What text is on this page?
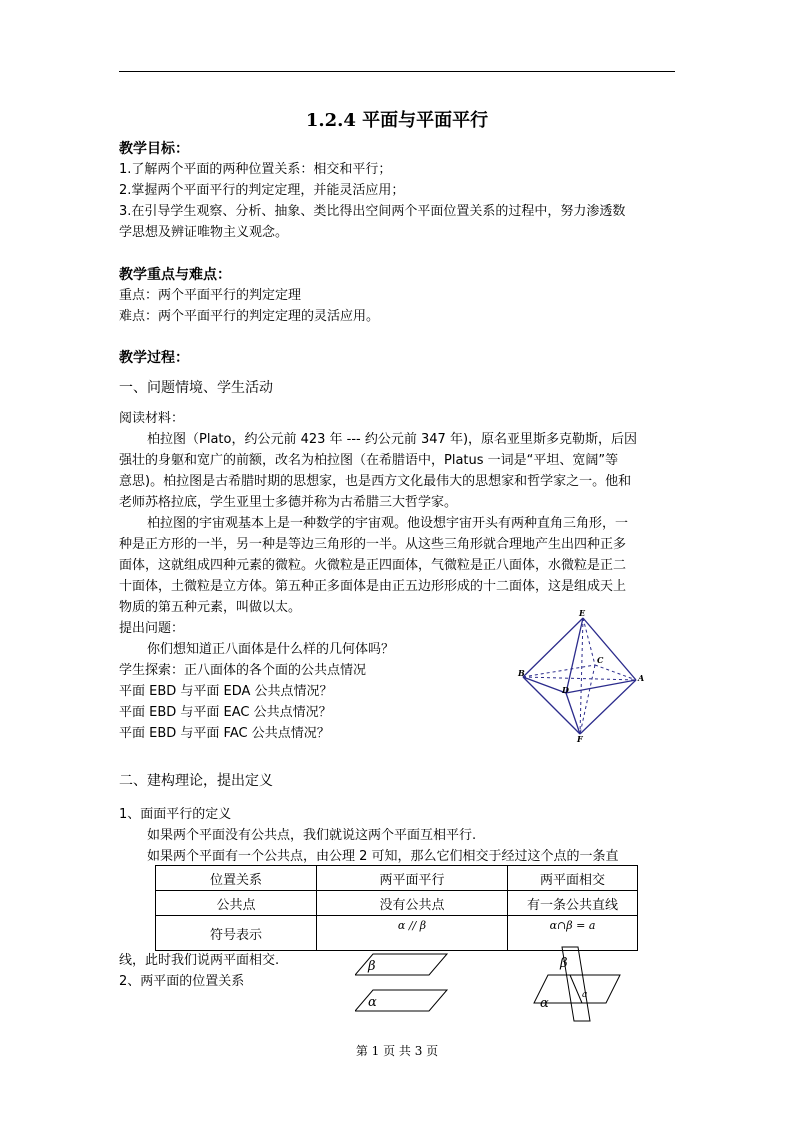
1.2.4 平面与平面平行
教学目标：
1.了解两个平面的两种位置关系：相交和平行；
2.掌握两个平面平行的判定定理，并能灵活应用；
3.在引导学生观察、分析、抽象、类比得出空间两个平面位置关系的过程中，努力渗透数
学思想及辨证唯物主义观念。
教学重点与难点：
重点：两个平面平行的判定定理
难点：两个平面平行的判定定理的灵活应用。
教学过程：
一、问题情境、学生活动
阅读材料：
柏拉图（Plato，约公元前 423 年 --- 约公元前 347 年)，原名亚里斯多克勒斯，后因
强壮的身躯和宽广的前额，改名为柏拉图（在希腊语中，Platus 一词是“平坦、宽阔”等
意思)。柏拉图是古希腊时期的思想家，也是西方文化最伟大的思想家和哲学家之一。他和
老师苏格拉底，学生亚里士多德并称为古希腊三大哲学家。
柏拉图的宇宙观基本上是一种数学的宇宙观。他设想宇宙开头有两种直角三角形，一
种是正方形的一半，另一种是等边三角形的一半。从这些三角形就合理地产生出四种正多
面体，这就组成四种元素的微粒。火微粒是正四面体，气微粒是正八面体，水微粒是正二
十面体，土微粒是立方体。第五种正多面体是由正五边形形成的十二面体，这是组成天上
物质的第五种元素，叫做以太。
提出问题：
你们想知道正八面体是什么样的几何体吗？
学生探索：正八面体的各个面的公共点情况
平面 EBD 与平面 EDA 公共点情况？
平面 EBD 与平面 EAC 公共点情况？
平面 EBD 与平面 FAC 公共点情况？
E
B
C
D
A
F
二、建构理论，提出定义
1、面面平行的定义
如果两个平面没有公共点，我们就说这两个平面互相平行.
如果两个平面有一个公共点，由公理 2 可知，那么它们相交于经过这个点的一条直
位置关系	两平面平行	两平面相交
公共点	没有公共点	有一条公共直线
符号表示	α // β	α∩β = a
线，此时我们说两平面相交.
2、两平面的位置关系
β
α
β
α
a
第 1 页 共 3 页
